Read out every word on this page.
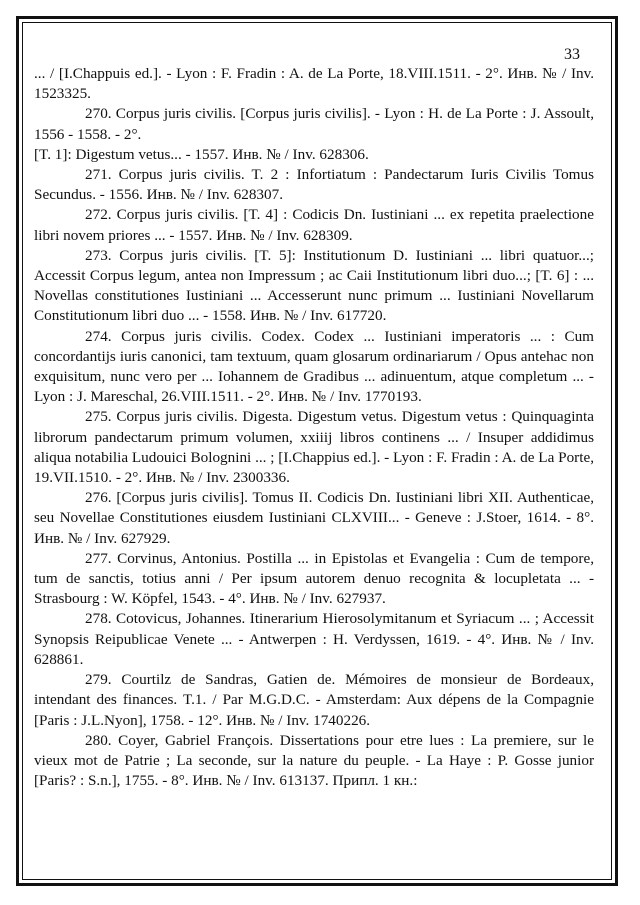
33

... / [I.Chappuis ed.]. - Lyon : F. Fradin : A. de La Porte, 18.VIII.1511. - 2°. Инв. № / Inv. 1523325.

270. Corpus juris civilis. [Corpus juris civilis]. - Lyon : H. de La Porte : J. Assoult, 1556 - 1558. - 2°.

[T. 1]: Digestum vetus... - 1557. Инв. № / Inv. 628306.

271. Corpus juris civilis. T. 2 : Infortiatum : Pandectarum Iuris Civilis Tomus Secundus. - 1556. Инв. № / Inv. 628307.

272. Corpus juris civilis. [T. 4] : Codicis Dn. Iustiniani ... ex repetita praelectione libri novem priores ... - 1557. Инв. № / Inv. 628309.

273. Corpus juris civilis. [T. 5]: Institutionum D. Iustiniani ... libri quatuor...; Accessit Corpus legum, antea non Impressum ; ac Caii Institutionum libri duo...; [T. 6] : ... Novellas constitutiones Iustiniani ... Accesserunt nunc primum ... Iustiniani Novellarum Constitutionum libri duo ... - 1558. Инв. № / Inv. 617720.

274. Corpus juris civilis. Codex. Codex ... Iustiniani imperatoris ... : Cum concordantijs iuris canonici, tam textuum, quam glosarum ordinariarum / Opus antehac non exquisitum, nunc vero per ... Iohannem de Gradibus ... adinuentum, atque completum ... - Lyon : J. Mareschal, 26.VIII.1511. - 2°. Инв. № / Inv. 1770193.

275. Corpus juris civilis. Digesta. Digestum vetus. Digestum vetus : Quinquaginta librorum pandectarum primum volumen, xxiiij libros continens ... / Insuper addidimus aliqua notabilia Ludouici Bolognini ... ; [I.Chappius ed.]. - Lyon : F. Fradin : A. de La Porte, 19.VII.1510. - 2°. Инв. № / Inv. 2300336.

276. [Corpus juris civilis]. Tomus II. Codicis Dn. Iustiniani libri XII. Authenticae, seu Novellae Constitutiones eiusdem Iustiniani CLXVIII... - Geneve : J.Stoer, 1614. - 8°. Инв. № / Inv. 627929.

277. Corvinus, Antonius. Postilla ... in Epistolas et Evangelia : Cum de tempore, tum de sanctis, totius anni / Per ipsum autorem denuo recognita & locupletata ... - Strasbourg : W. Köpfel, 1543. - 4°. Инв. № / Inv. 627937.

278. Cotovicus, Johannes. Itinerarium Hierosolymitanum et Syriacum ... ; Accessit Synopsis Reipublicae Venete ... - Antwerpen : H. Verdyssen, 1619. - 4°. Инв. № / Inv. 628861.

279. Courtilz de Sandras, Gatien de. Mémoires de monsieur de Bordeaux, intendant des finances. T.1. / Par M.G.D.C. - Amsterdam: Aux dépens de la Compagnie [Paris : J.L.Nyon], 1758. - 12°. Инв. № / Inv. 1740226.

280. Coyer, Gabriel François. Dissertations pour etre lues : La premiere, sur le vieux mot de Patrie ; La seconde, sur la nature du peuple. - La Haye : P. Gosse junior [Paris? : S.n.], 1755. - 8°. Инв. № / Inv. 613137. Припл. 1 кн.:
